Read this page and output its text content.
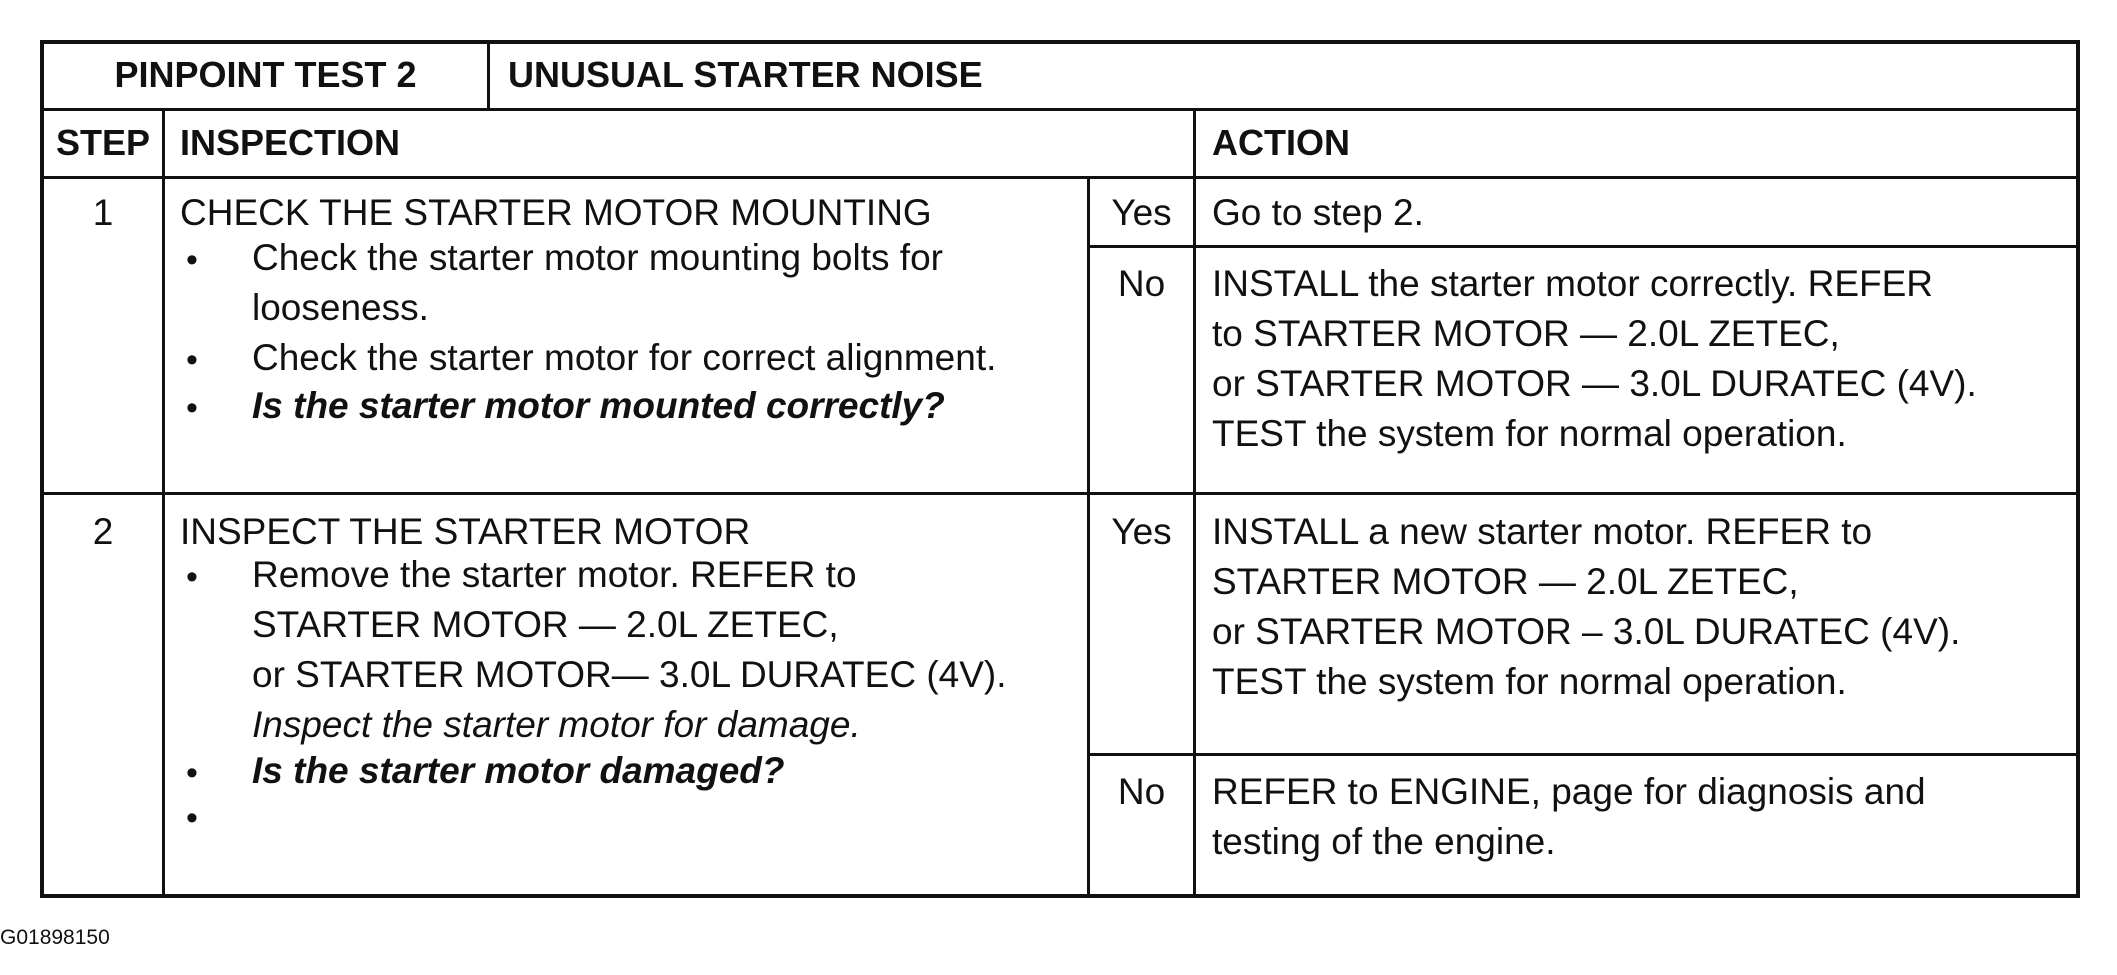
PINPOINT TEST 2	UNUSUAL STARTER NOISE
STEP INSPECTION	ACTION
1	CHECK THE STARTER MOTOR MOUNTING
• Check the starter motor mounting bolts for
looseness.
• Check the starter motor for correct alignment.
• Is the starter motor mounted correctly?
Yes	Go to step 2.
No	INSTALL the starter motor correctly. REFER
to STARTER MOTOR — 2.0L ZETEC,
or STARTER MOTOR — 3.0L DURATEC (4V).
TEST the system for normal operation.
2	INSPECT THE STARTER MOTOR
• Remove the starter motor. REFER to
STARTER MOTOR — 2.0L ZETEC,
or STARTER MOTOR— 3.0L DURATEC (4V).
Inspect the starter motor for damage.
• Is the starter motor damaged?
•
Yes	INSTALL a new starter motor. REFER to
STARTER MOTOR — 2.0L ZETEC,
or STARTER MOTOR – 3.0L DURATEC (4V).
TEST the system for normal operation.
No	REFER to ENGINE, page for diagnosis and
testing of the engine.
G01898150
